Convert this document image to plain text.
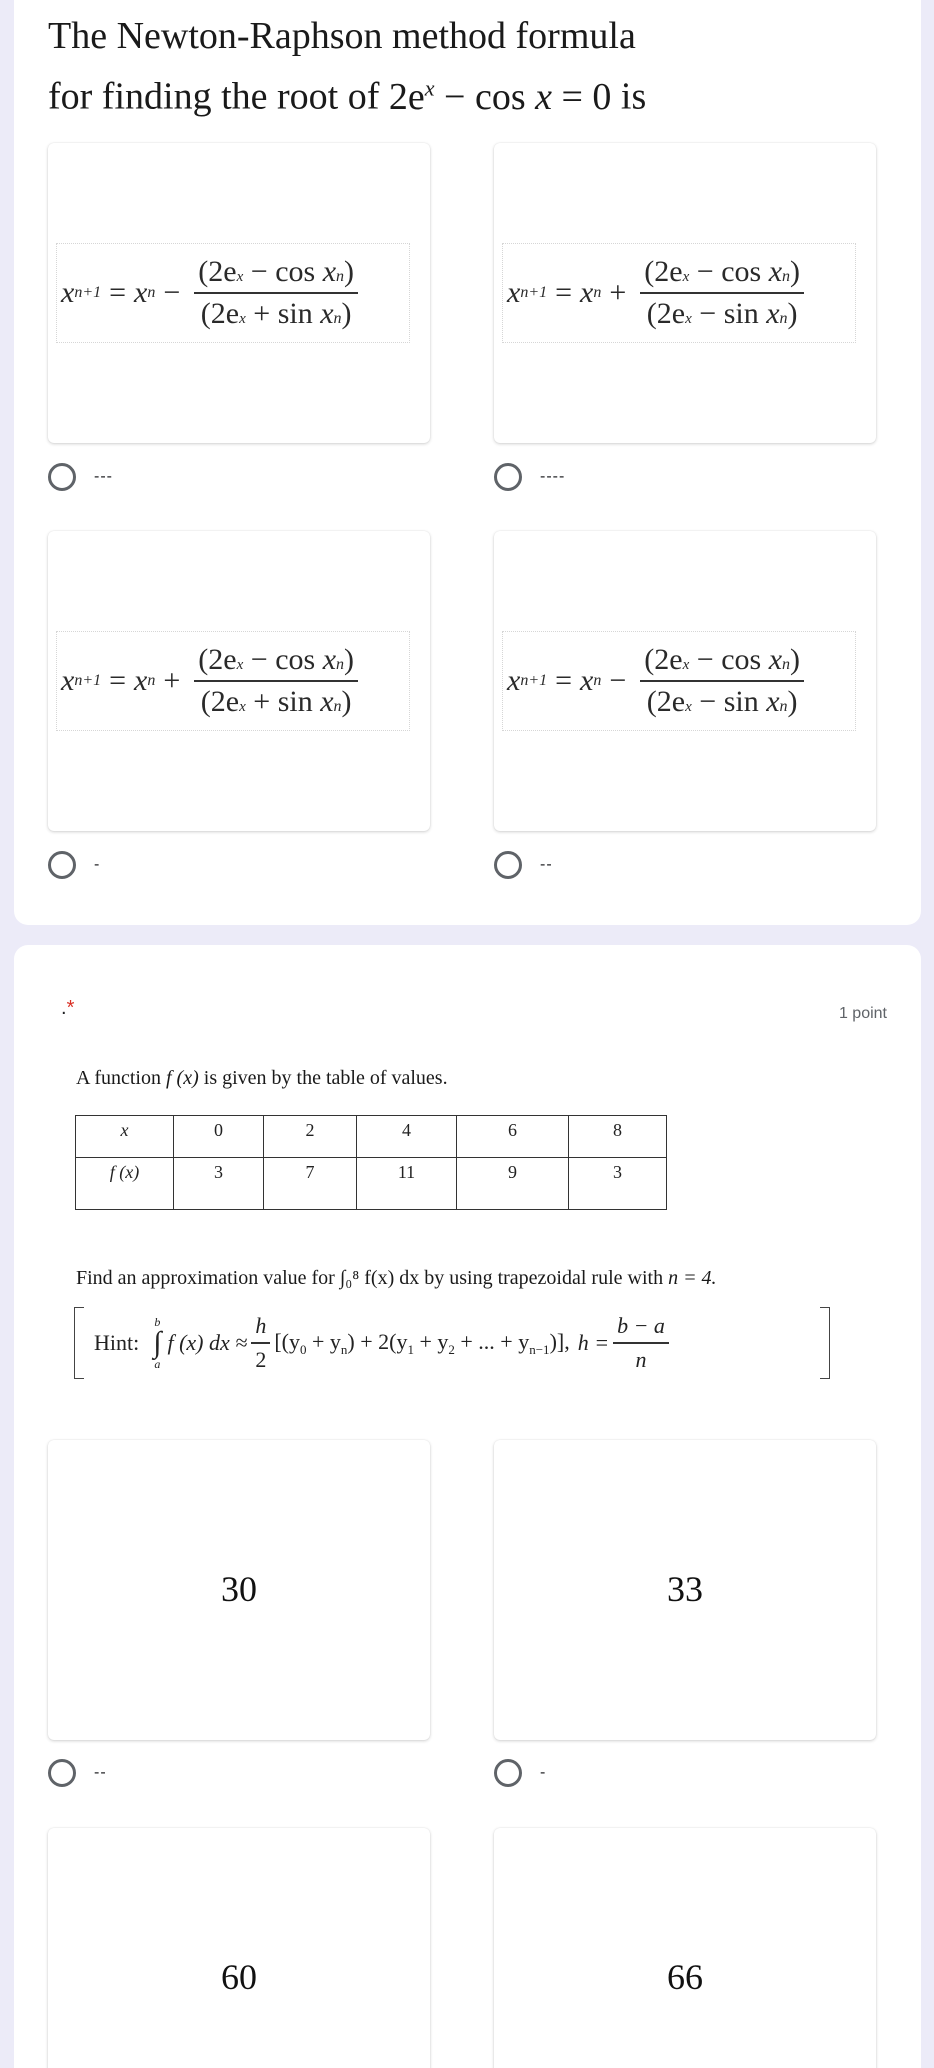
The Newton-Raphson method formula
for finding the root of $2e^x - \cos x = 0$ is
x n+1 = x n − ( 2e x
−
cos
x n )
( 2e x
+
sin
x n )
---
x n+1 = x n + ( 2e x
−
cos
x n )
( 2e x
−
sin
x n )
----
x n+1 = x n + ( 2e x
−
cos
x n )
( 2e x
+
sin
x n )
-
x n+1 = x n − ( 2e x
−
cos
x n )
( 2e x
−
sin
x n )
--
.*	1 point
A function f (x) is given by the table of values.
x	0	2	4	6	8
f (x)	3	7	11	9	3
Find an approximation value for ∫₀⁸ f(x) dx by using trapezoidal rule with n = 4.
Hint:
b
∫
a
f (x) dx ≈ $\frac{h}{2} [(y_0 + y_n) + 2(y_1 + y_2$ + ... + $y_{n-1}$)], $h = \frac{b - a}{n}$
30
--
33
-
60	66
